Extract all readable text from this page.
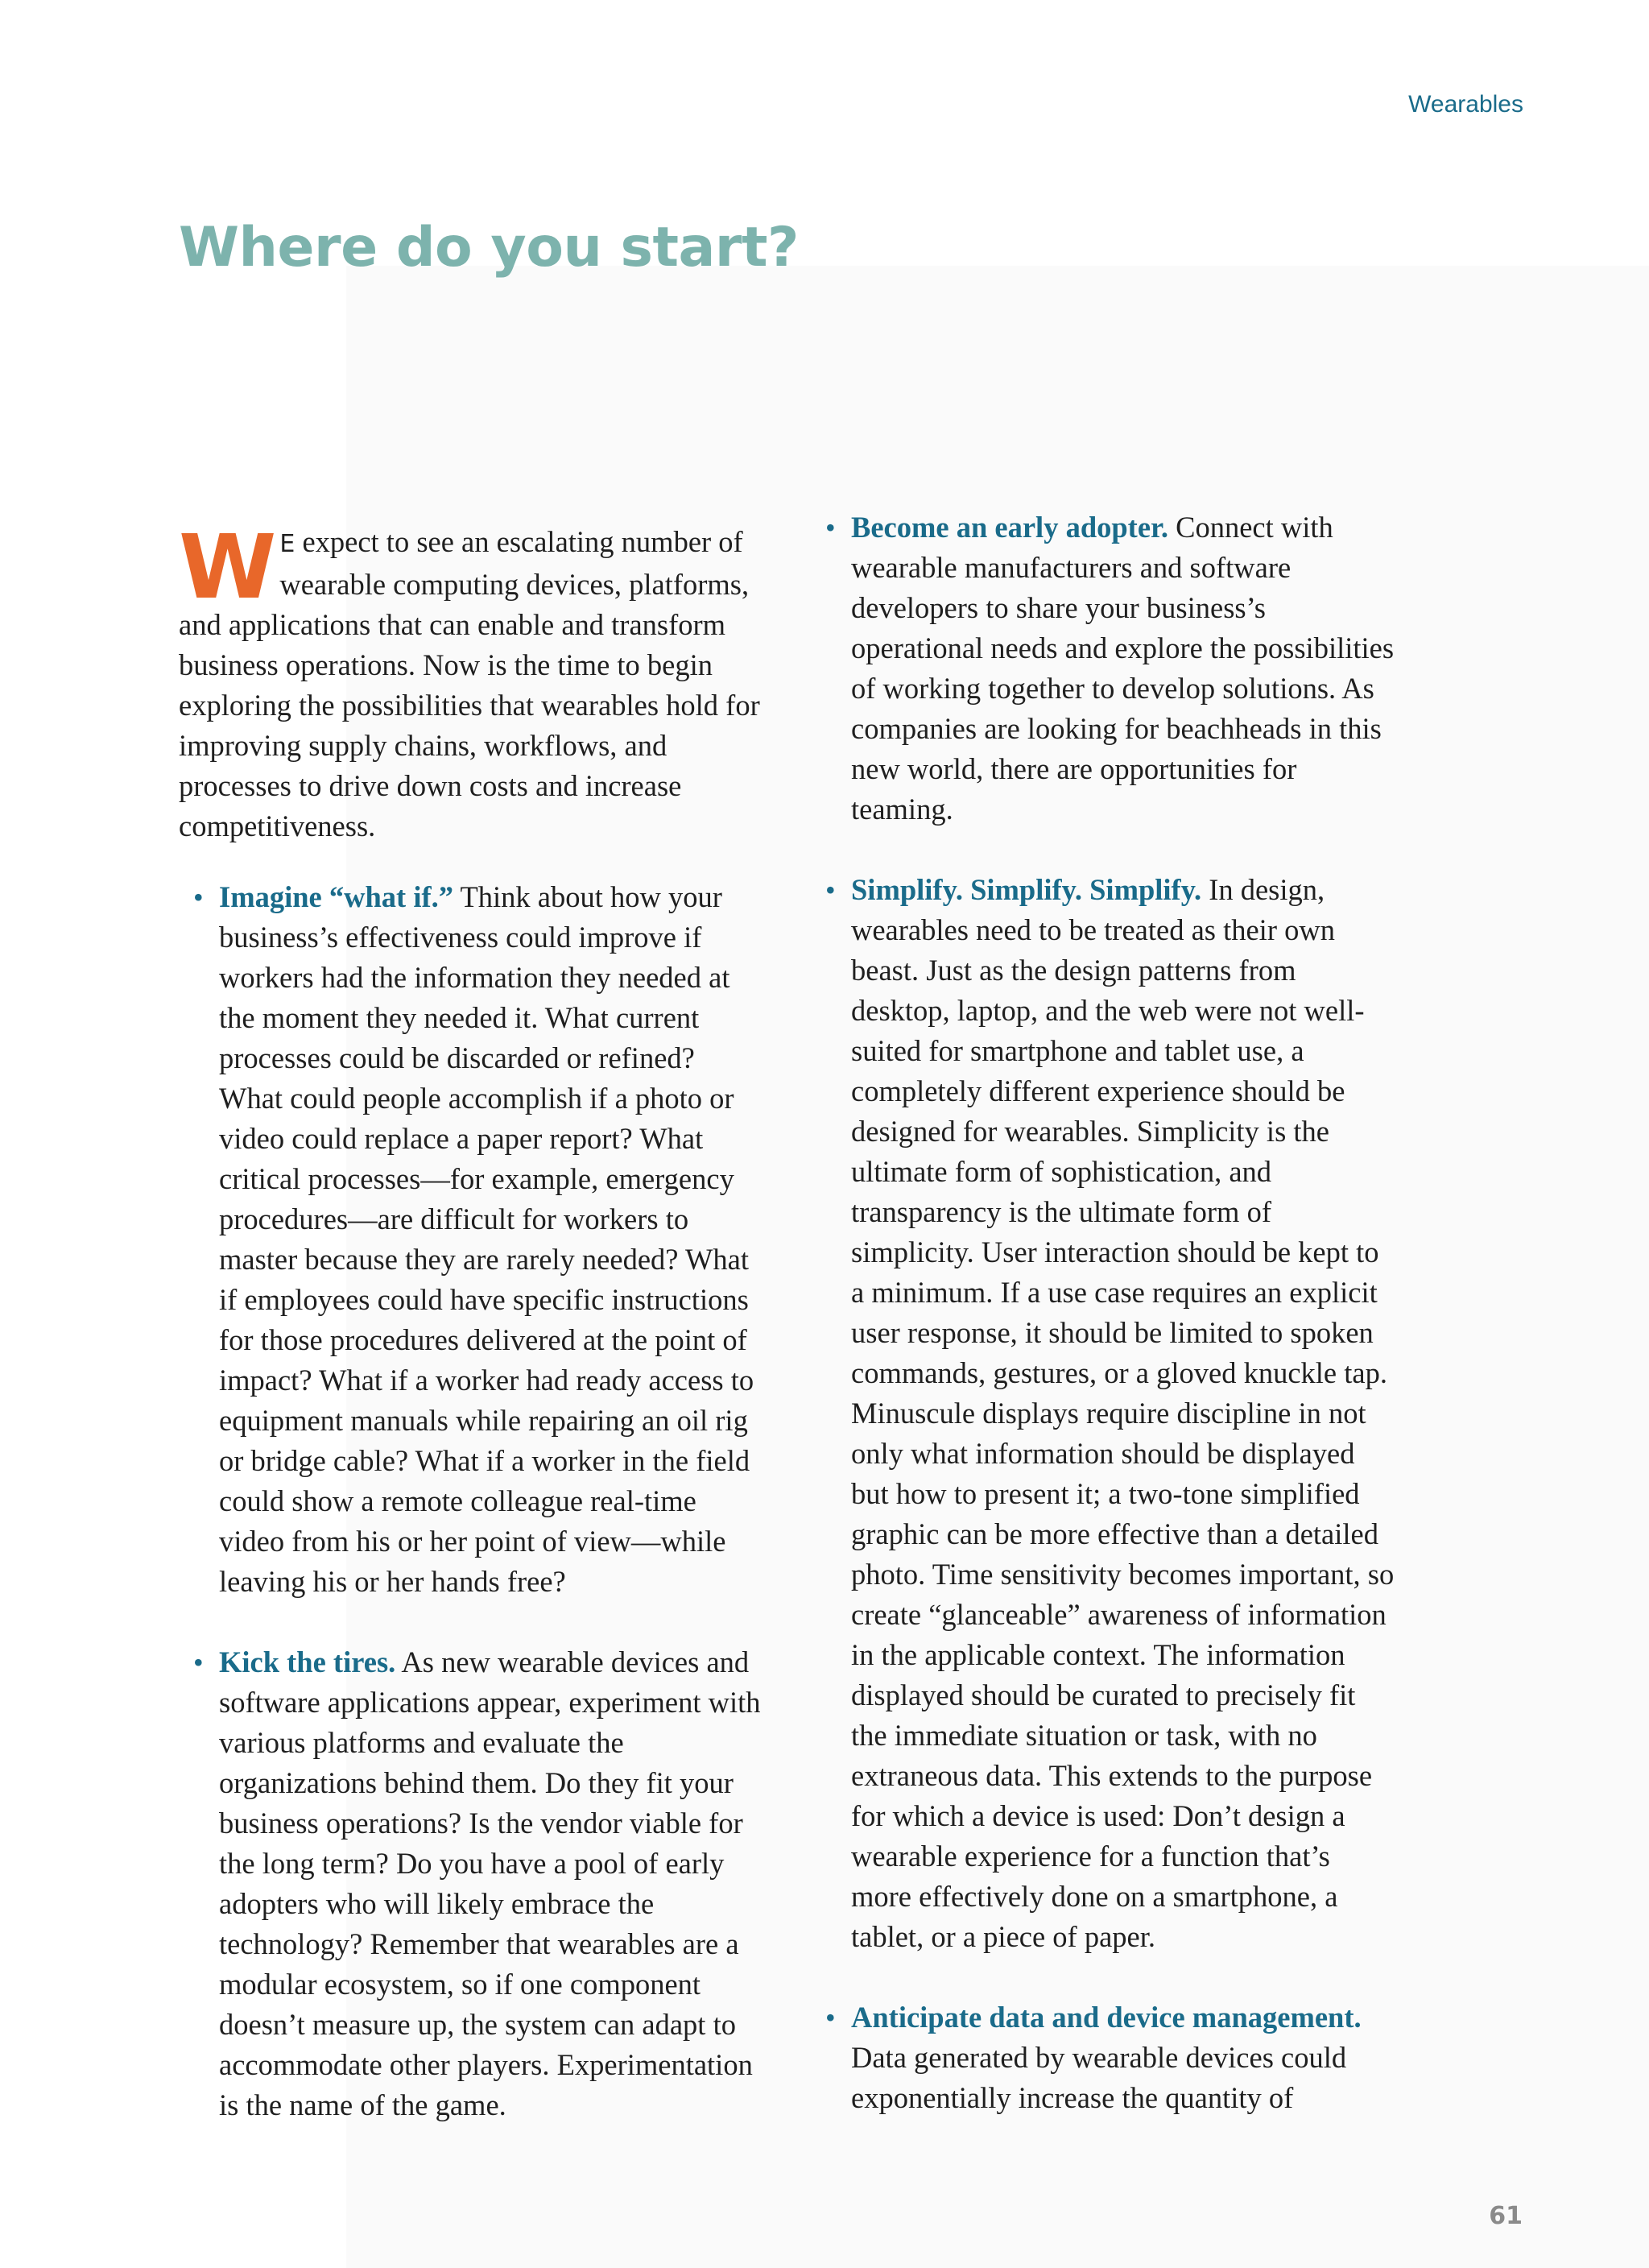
Wearables
Where do you start?

W E expect to see an escalating number of wearable computing devices, platforms, and applications that can enable and transform business operations. Now is the time to begin exploring the possibilities that wearables hold for improving supply chains, workflows, and processes to drive down costs and increase competitiveness.

• Imagine “what if.” Think about how your business’s effectiveness could improve if workers had the information they needed at the moment they needed it. What current processes could be discarded or refined? What could people accomplish if a photo or video could replace a paper report? What critical processes—for example, emergency procedures—are difficult for workers to master because they are rarely needed? What if employees could have specific instructions for those procedures delivered at the point of impact? What if a worker had ready access to equipment manuals while repairing an oil rig or bridge cable? What if a worker in the field could show a remote colleague real-time video from his or her point of view—while leaving his or her hands free?
• Kick the tires. As new wearable devices and software applications appear, experiment with various platforms and evaluate the organizations behind them. Do they fit your business operations? Is the vendor viable for the long term? Do you have a pool of early adopters who will likely embrace the technology? Remember that wearables are a modular ecosystem, so if one component doesn’t measure up, the system can adapt to accommodate other players. Experimentation is the name of the game.
• Become an early adopter. Connect with wearable manufacturers and software developers to share your business’s operational needs and explore the possibilities of working together to develop solutions. As companies are looking for beachheads in this new world, there are opportunities for teaming.
• Simplify. Simplify. Simplify. In design, wearables need to be treated as their own beast. Just as the design patterns from desktop, laptop, and the web were not well-suited for smartphone and tablet use, a completely different experience should be designed for wearables. Simplicity is the ultimate form of sophistication, and transparency is the ultimate form of simplicity. User interaction should be kept to a minimum. If a use case requires an explicit user response, it should be limited to spoken commands, gestures, or a gloved knuckle tap. Minuscule displays require discipline in not only what information should be displayed but how to present it; a two-tone simplified graphic can be more effective than a detailed photo. Time sensitivity becomes important, so create “glanceable” awareness of information in the applicable context. The information displayed should be curated to precisely fit the immediate situation or task, with no extraneous data. This extends to the purpose for which a device is used: Don’t design a wearable experience for a function that’s more effectively done on a smartphone, a tablet, or a piece of paper.
• Anticipate data and device management. Data generated by wearable devices could exponentially increase the quantity of
61
